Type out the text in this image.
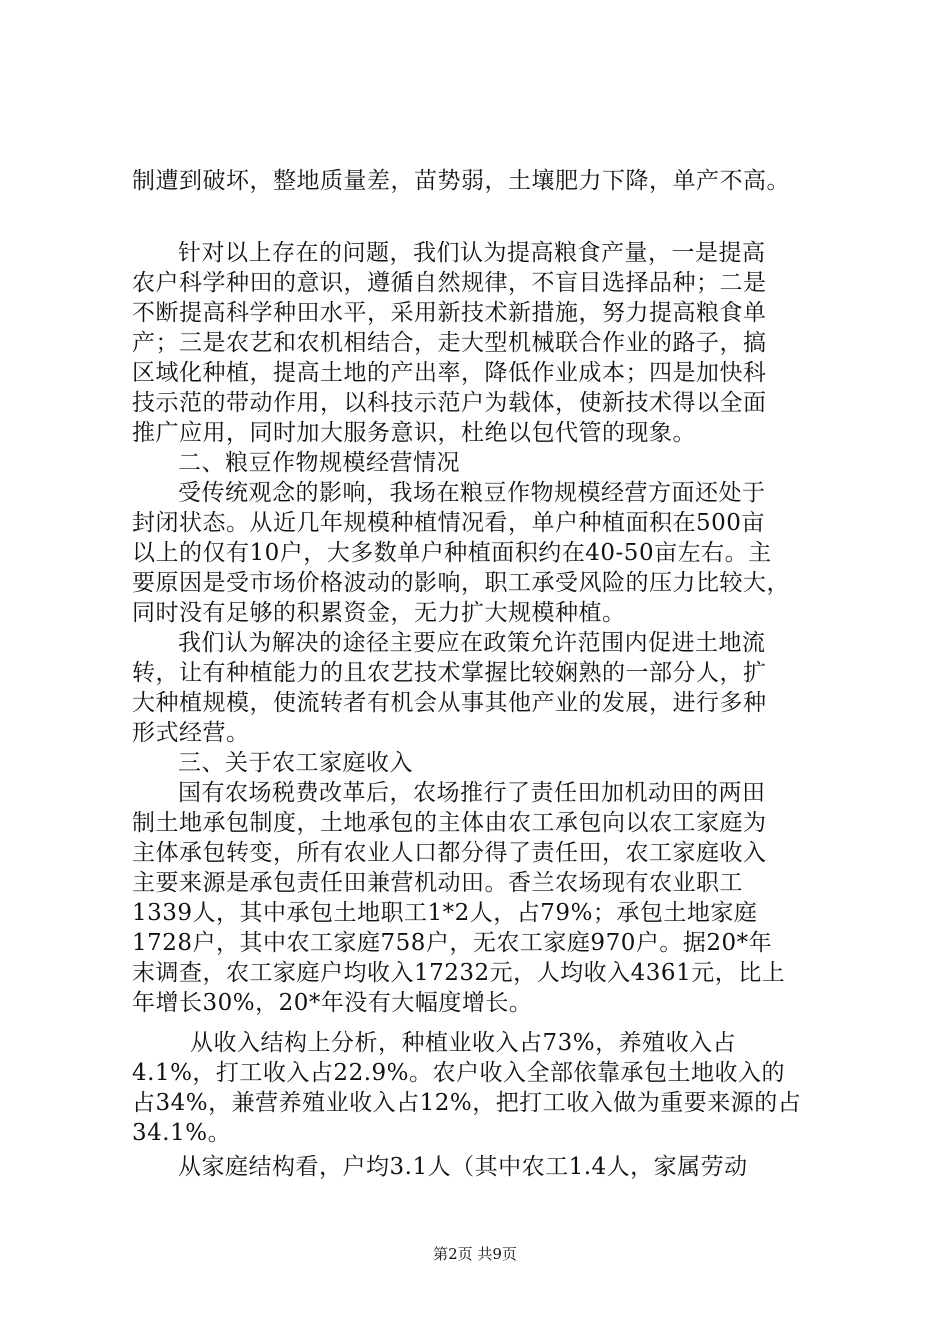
制遭到破坏，整地质量差，苗势弱，土壤肥力下降，单产不高。
针对以上存在的问题，我们认为提高粮食产量，一是提高
农户科学种田的意识，遵循自然规律，不盲目选择品种；二是
不断提高科学种田水平，采用新技术新措施，努力提高粮食单
产；三是农艺和农机相结合，走大型机械联合作业的路子，搞
区域化种植，提高土地的产出率，降低作业成本；四是加快科
技示范的带动作用，以科技示范户为载体，使新技术得以全面
推广应用，同时加大服务意识，杜绝以包代管的现象。
二、粮豆作物规模经营情况
受传统观念的影响，我场在粮豆作物规模经营方面还处于
封闭状态。从近几年规模种植情况看，单户种植面积在500亩
以上的仅有10户，大多数单户种植面积约在40-50亩左右。主
要原因是受市场价格波动的影响，职工承受风险的压力比较大，
同时没有足够的积累资金，无力扩大规模种植。
我们认为解决的途径主要应在政策允许范围内促进土地流
转，让有种植能力的且农艺技术掌握比较娴熟的一部分人，扩
大种植规模，使流转者有机会从事其他产业的发展，进行多种
形式经营。
三、关于农工家庭收入
国有农场税费改革后，农场推行了责任田加机动田的两田
制土地承包制度，土地承包的主体由农工承包向以农工家庭为
主体承包转变，所有农业人口都分得了责任田，农工家庭收入
主要来源是承包责任田兼营机动田。香兰农场现有农业职工
1339人，其中承包土地职工1*2人，占79%；承包土地家庭
1728户，其中农工家庭758户，无农工家庭970户。据20*年
末调查，农工家庭户均收入17232元，人均收入4361元，比上
年增长30%，20*年没有大幅度增长。
从收入结构上分析，种植业收入占73%，养殖收入占
4.1%，打工收入占22.9%。农户收入全部依靠承包土地收入的
占34%，兼营养殖业收入占12%，把打工收入做为重要来源的占
34.1%。
从家庭结构看，户均3.1人（其中农工1.4人，家属劳动
第2页 共9页
